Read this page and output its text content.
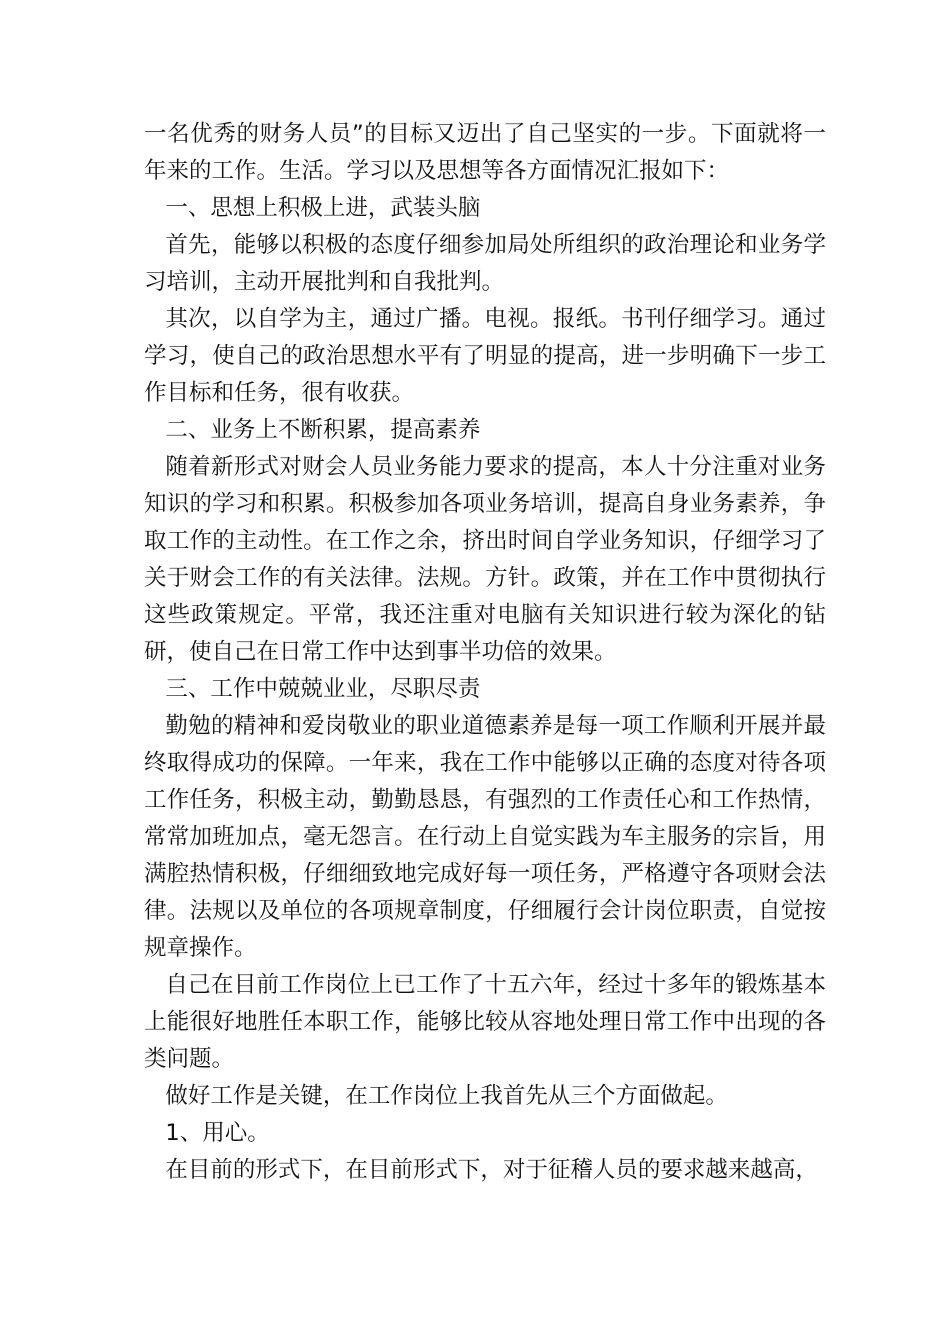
一名优秀的财务人员”的目标又迈出了自己坚实的一步。下面就将一年来的工作。生活。学习以及思想等各方面情况汇报如下：

一、思想上积极上进，武装头脑

首先，能够以积极的态度仔细参加局处所组织的政治理论和业务学习培训，主动开展批判和自我批判。

其次，以自学为主，通过广播。电视。报纸。书刊仔细学习。通过学习，使自己的政治思想水平有了明显的提高，进一步明确下一步工作目标和任务，很有收获。

二、业务上不断积累，提高素养

随着新形式对财会人员业务能力要求的提高，本人十分注重对业务知识的学习和积累。积极参加各项业务培训，提高自身业务素养，争取工作的主动性。在工作之余，挤出时间自学业务知识，仔细学习了关于财会工作的有关法律。法规。方针。政策，并在工作中贯彻执行这些政策规定。平常，我还注重对电脑有关知识进行较为深化的钻研，使自己在日常工作中达到事半功倍的效果。

三、工作中兢兢业业，尽职尽责

勤勉的精神和爱岗敬业的职业道德素养是每一项工作顺利开展并最终取得成功的保障。一年来，我在工作中能够以正确的态度对待各项工作任务，积极主动，勤勤恳恳，有强烈的工作责任心和工作热情，常常加班加点，毫无怨言。在行动上自觉实践为车主服务的宗旨，用满腔热情积极，仔细细致地完成好每一项任务，严格遵守各项财会法律。法规以及单位的各项规章制度，仔细履行会计岗位职责，自觉按规章操作。

自己在目前工作岗位上已工作了十五六年，经过十多年的锻炼基本上能很好地胜任本职工作，能够比较从容地处理日常工作中出现的各类问题。

做好工作是关键，在工作岗位上我首先从三个方面做起。

1、用心。

在目前的形式下，在目前形式下，对于征稽人员的要求越来越高，
